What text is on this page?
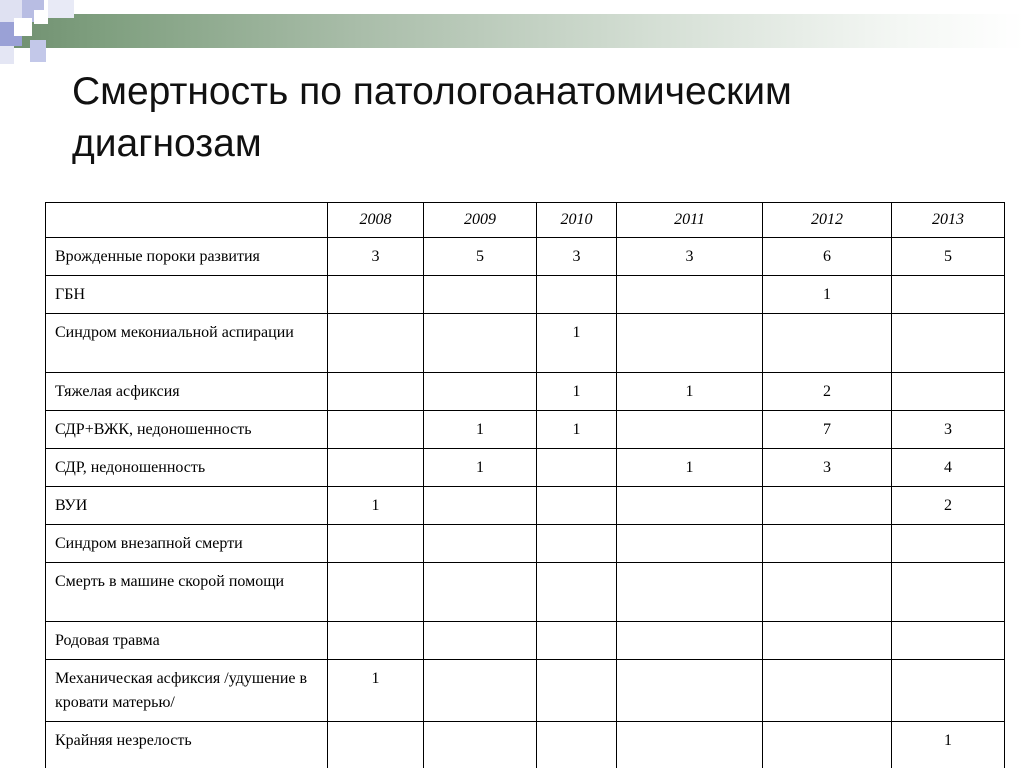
Смертность по патологоанатомическим диагнозам
	2008	2009	2010	2011	2012	2013
Врожденные пороки развития	3	5	3	3	6	5
ГБН					1	
Синдром мекониальной аспирации			1			
Тяжелая асфиксия			1	1	2	
СДР+ВЖК, недоношенность		1	1		7	3
СДР, недоношенность		1		1	3	4
ВУИ	1					2
Синдром внезапной смерти						
Смерть в машине скорой помощи						
Родовая травма						
Механическая асфиксия /удушение в кровати матерью/	1					
Крайняя незрелость						1
